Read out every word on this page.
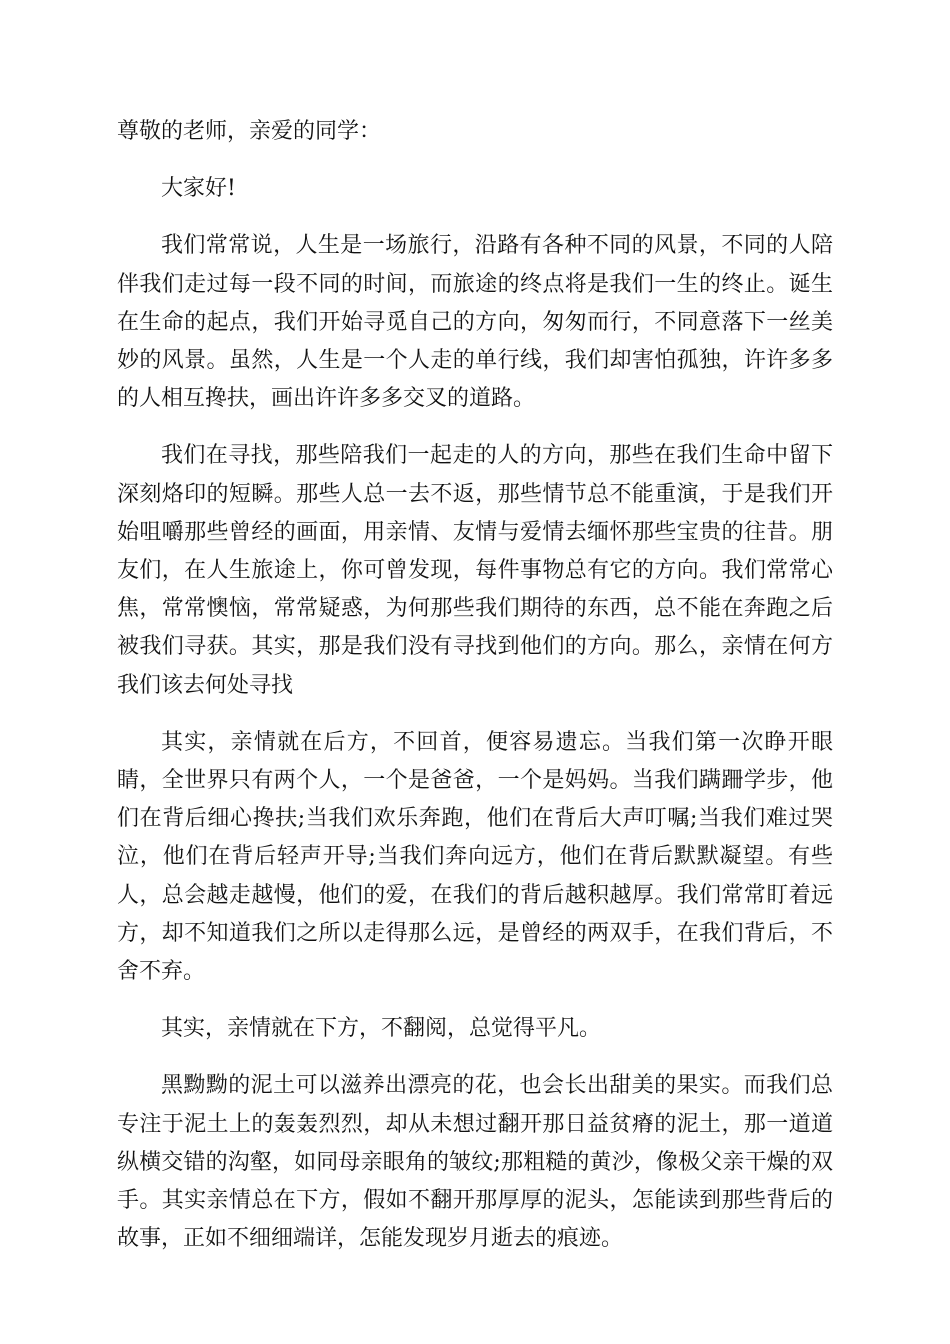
尊敬的老师，亲爱的同学：

大家好!

我们常常说，人生是一场旅行，沿路有各种不同的风景，不同的人陪伴我们走过每一段不同的时间，而旅途的终点将是我们一生的终止。诞生在生命的起点，我们开始寻觅自己的方向，匆匆而行，不同意落下一丝美妙的风景。虽然，人生是一个人走的单行线，我们却害怕孤独，许许多多的人相互搀扶，画出许许多多交叉的道路。

我们在寻找，那些陪我们一起走的人的方向，那些在我们生命中留下深刻烙印的短瞬。那些人总一去不返，那些情节总不能重演，于是我们开始咀嚼那些曾经的画面，用亲情、友情与爱情去缅怀那些宝贵的往昔。朋友们，在人生旅途上，你可曾发现，每件事物总有它的方向。我们常常心焦，常常懊恼，常常疑惑，为何那些我们期待的东西，总不能在奔跑之后被我们寻获。其实，那是我们没有寻找到他们的方向。那么，亲情在何方我们该去何处寻找

其实，亲情就在后方，不回首，便容易遗忘。当我们第一次睁开眼睛，全世界只有两个人，一个是爸爸，一个是妈妈。当我们蹒跚学步，他们在背后细心搀扶;当我们欢乐奔跑，他们在背后大声叮嘱;当我们难过哭泣，他们在背后轻声开导;当我们奔向远方，他们在背后默默凝望。有些人，总会越走越慢，他们的爱，在我们的背后越积越厚。我们常常盯着远方，却不知道我们之所以走得那么远，是曾经的两双手，在我们背后，不舍不弃。

其实，亲情就在下方，不翻阅，总觉得平凡。

黑黝黝的泥土可以滋养出漂亮的花，也会长出甜美的果实。而我们总专注于泥土上的轰轰烈烈，却从未想过翻开那日益贫瘠的泥土，那一道道纵横交错的沟壑，如同母亲眼角的皱纹;那粗糙的黄沙，像极父亲干燥的双手。其实亲情总在下方，假如不翻开那厚厚的泥头，怎能读到那些背后的故事，正如不细细端详，怎能发现岁月逝去的痕迹。
